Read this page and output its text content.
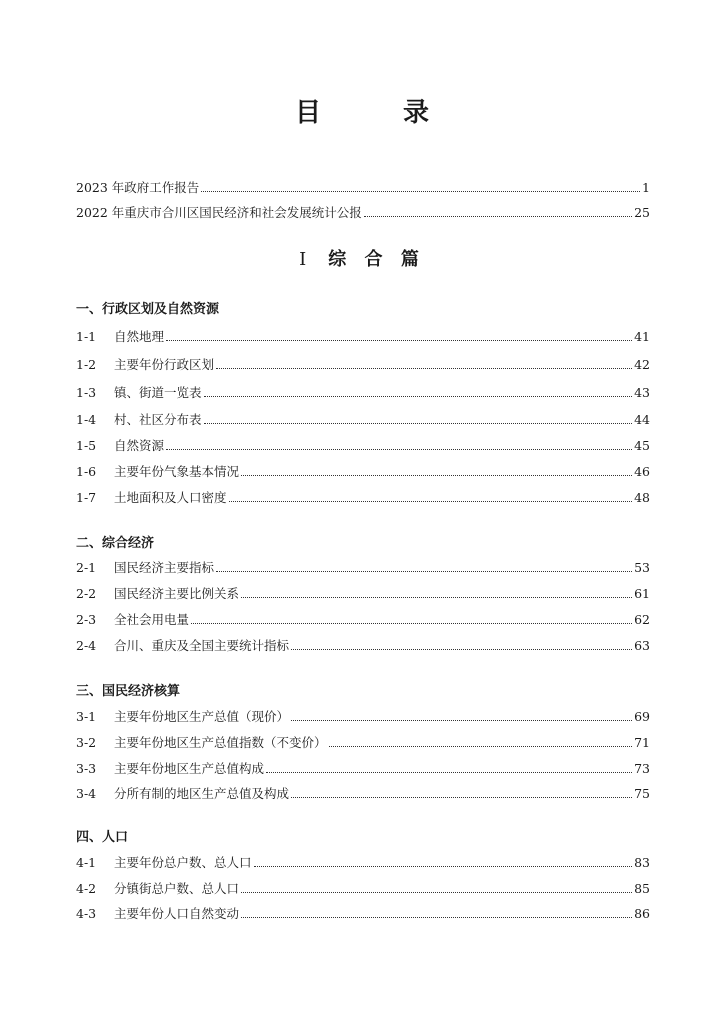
目　录
2023 年政府工作报告	1
2022 年重庆市合川区国民经济和社会发展统计公报	25
I 综 合 篇
一、行政区划及自然资源
1-1	自然地理	41
1-2	主要年份行政区划	42
1-3	镇、街道一览表	43
1-4	村、社区分布表	44
1-5	自然资源	45
1-6	主要年份气象基本情况	46
1-7	土地面积及人口密度	48
二、综合经济
2-1	国民经济主要指标	53
2-2	国民经济主要比例关系	61
2-3	全社会用电量	62
2-4	合川、重庆及全国主要统计指标	63
三、国民经济核算
3-1	主要年份地区生产总值（现价）	69
3-2	主要年份地区生产总值指数（不变价）	71
3-3	主要年份地区生产总值构成	73
3-4	分所有制的地区生产总值及构成	75
四、人口
4-1	主要年份总户数、总人口	83
4-2	分镇街总户数、总人口	85
4-3	主要年份人口自然变动	86
